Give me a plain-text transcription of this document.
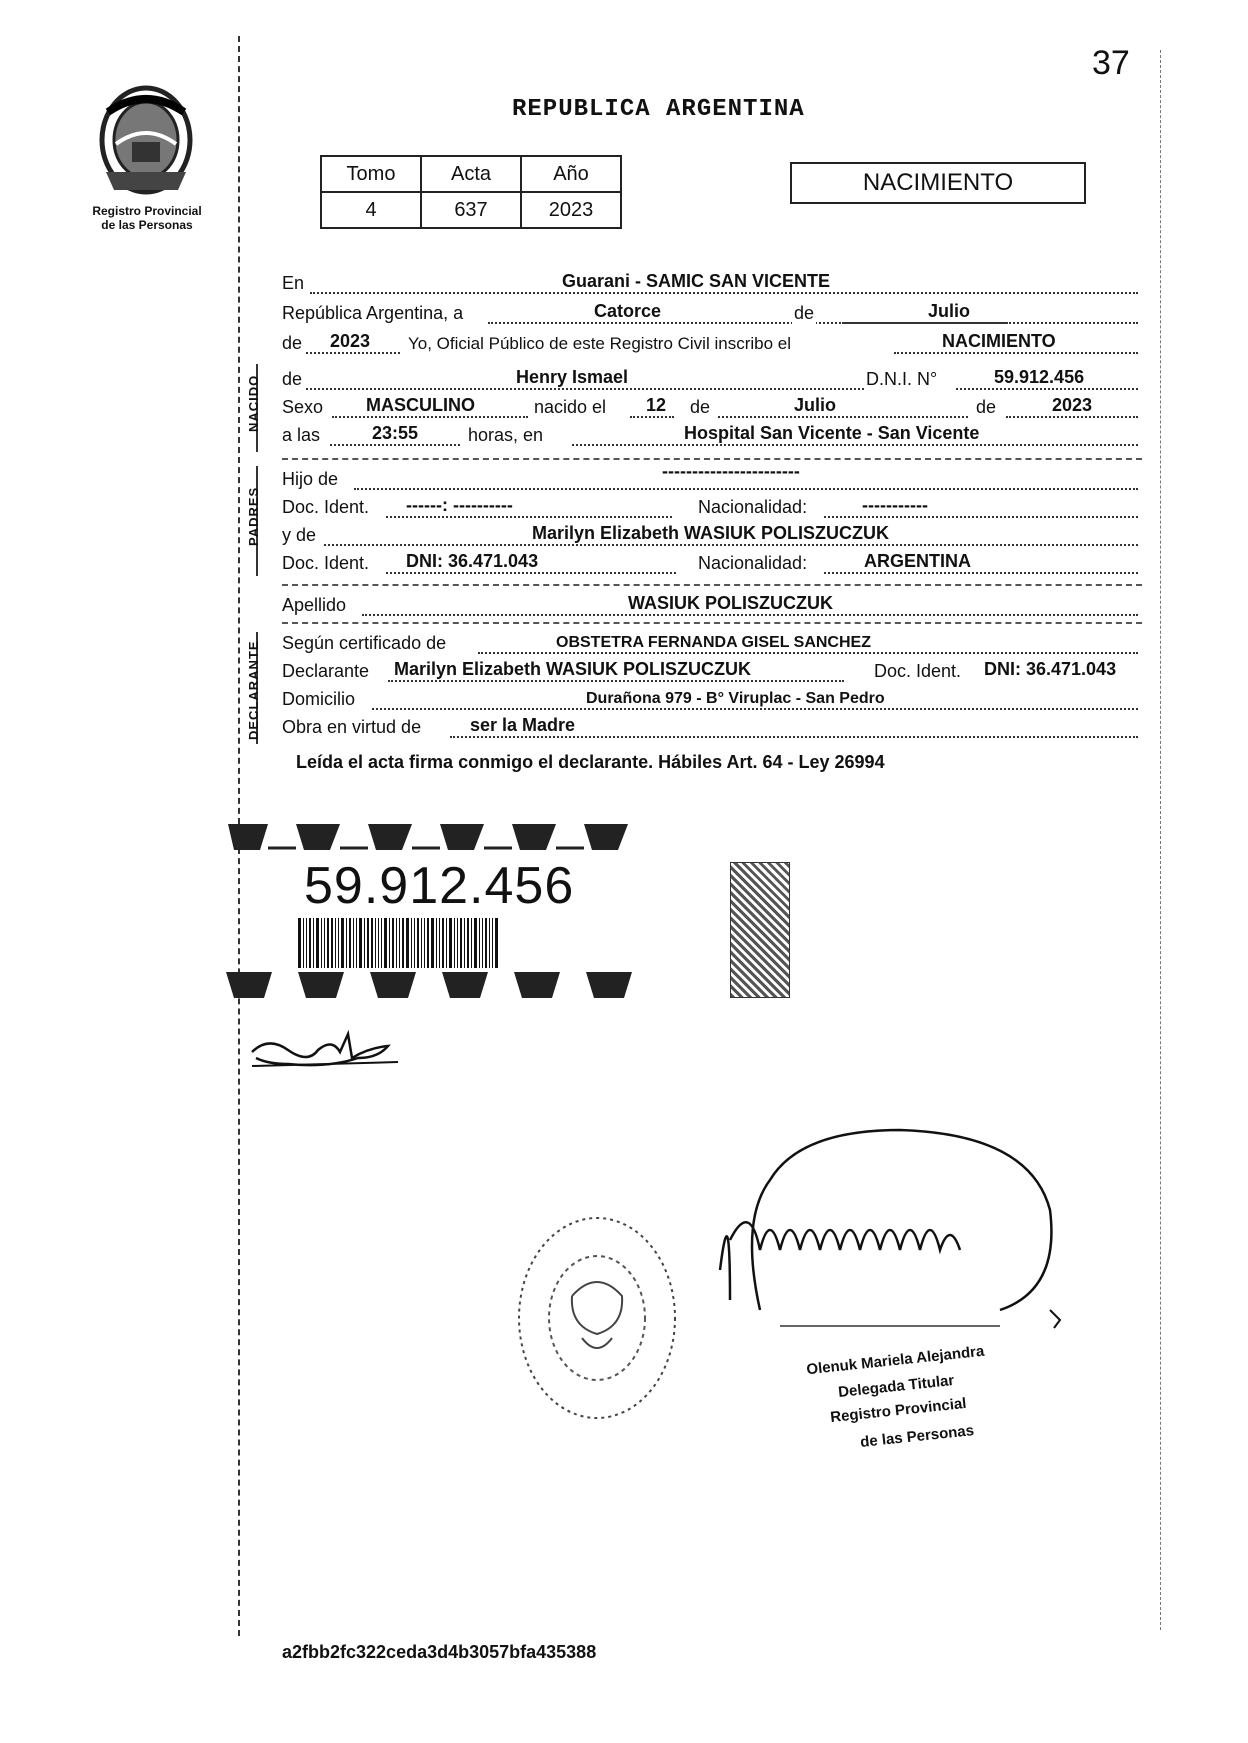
37
Registro Provincial
de las Personas
REPUBLICA ARGENTINA
Tomo	Acta	Año
4	637	2023
NACIMIENTO
En	Guarani - SAMIC SAN VICENTE
República Argentina, a	Catorce	de	Julio
de 2023 Yo, Oficial Público de este Registro Civil inscribo el	NACIMIENTO
NACIDO de	Henry Ismael	D.N.I. N°	59.912.456
Sexo MASCULINO	nacido el 12 de	Julio	de	2023
a las	23:55	horas, en	Hospital San Vicente - San Vicente
PADRES
Hijo de	-----------------------
Doc. Ident. ------: ----------	Nacionalidad:	-----------
y de	Marilyn Elizabeth WASIUK POLISZUCZUK
Doc. Ident. DNI: 36.471.043	Nacionalidad:	ARGENTINA
Apellido	WASIUK POLISZUCZUK
DECLARANTE Según certificado de	OBSTETRA FERNANDA GISEL SANCHEZ
Declarante Marilyn Elizabeth WASIUK POLISZUCZUK	Doc. Ident. DNI: 36.471.043
Domicilio	Durañona 979 - B° Viruplac - San Pedro
Obra en virtud de	ser la Madre
Leída el acta firma conmigo el declarante. Hábiles Art. 64 - Ley 26994
59.912.456
Olenuk Mariela Alejandra
Delegada Titular
Registro Provincial
de las Personas
a2fbb2fc322ceda3d4b3057bfa435388
